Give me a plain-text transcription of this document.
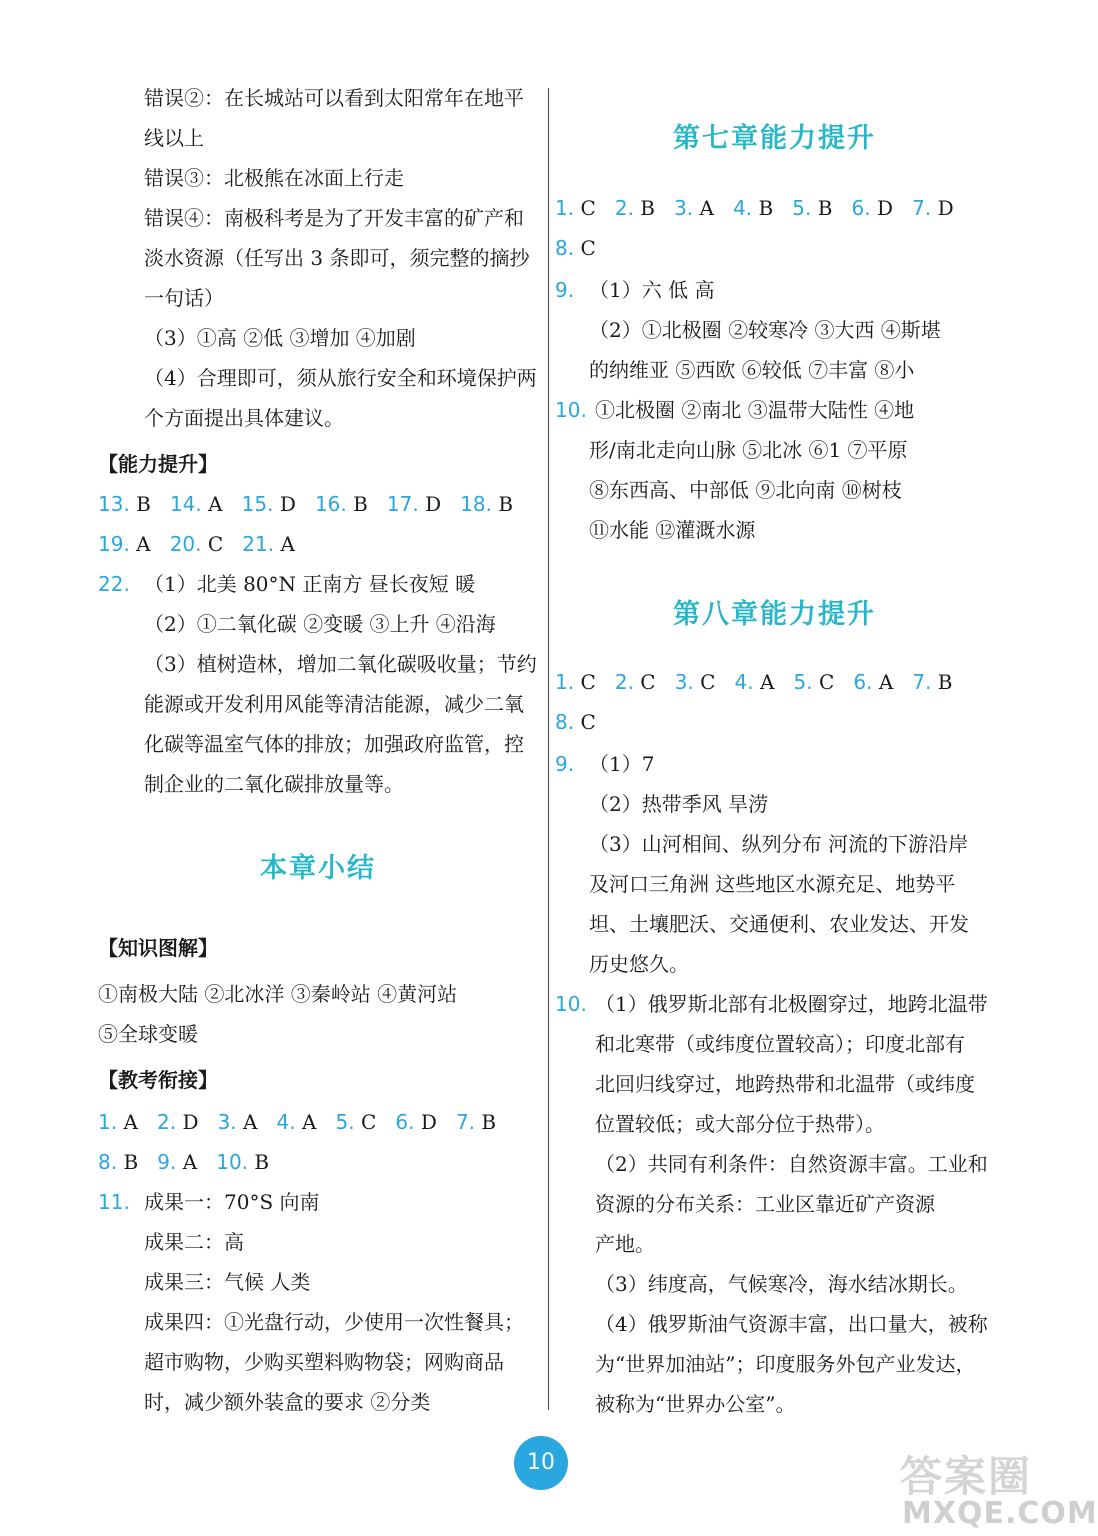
错误②：在长城站可以看到太阳常年在地平
线以上
错误③：北极熊在冰面上行走
错误④：南极科考是为了开发丰富的矿产和
淡水资源（任写出 3 条即可，须完整的摘抄
一句话）
（3）①高 ②低 ③增加 ④加剧
（4）合理即可，须从旅行安全和环境保护两
个方面提出具体建议。
【能力提升】
13. B 14. A 15. D 16. B 17. D 18. B
19. A 20. C 21. A
22. （1）北美 80°N 正南方 昼长夜短 暖
（2）①二氧化碳 ②变暖 ③上升 ④沿海
（3）植树造林，增加二氧化碳吸收量；节约
能源或开发利用风能等清洁能源，减少二氧
化碳等温室气体的排放；加强政府监管，控
制企业的二氧化碳排放量等。
本章小结
【知识图解】
①南极大陆 ②北冰洋 ③秦岭站 ④黄河站
⑤全球变暖
【教考衔接】
1. A 2. D 3. A 4. A 5. C 6. D 7. B
8. B 9. A 10. B
11. 成果一：70°S 向南
成果二：高
成果三：气候 人类
成果四：①光盘行动，少使用一次性餐具；
超市购物，少购买塑料购物袋；网购商品
时，减少额外装盒的要求 ②分类
第七章能力提升
1. C 2. B 3. A 4. B 5. B 6. D 7. D
8. C
9. （1）六 低 高
（2）①北极圈 ②较寒冷 ③大西 ④斯堪
的纳维亚 ⑤西欧 ⑥较低 ⑦丰富 ⑧小
10. ①北极圈 ②南北 ③温带大陆性 ④地
形/南北走向山脉 ⑤北冰 ⑥1 ⑦平原
⑧东西高、中部低 ⑨北向南 ⑩树枝
⑪水能 ⑫灌溉水源
第八章能力提升
1. C 2. C 3. C 4. A 5. C 6. A 7. B
8. C
9. （1）7
（2）热带季风 旱涝
（3）山河相间、纵列分布 河流的下游沿岸
及河口三角洲 这些地区水源充足、地势平
坦、土壤肥沃、交通便利、农业发达、开发
历史悠久。
10. （1）俄罗斯北部有北极圈穿过，地跨北温带
和北寒带（或纬度位置较高）；印度北部有
北回归线穿过，地跨热带和北温带（或纬度
位置较低；或大部分位于热带）。
（2）共同有利条件：自然资源丰富。工业和
资源的分布关系：工业区靠近矿产资源
产地。
（3）纬度高，气候寒冷，海水结冰期长。
（4）俄罗斯油气资源丰富，出口量大，被称
为“世界加油站”；印度服务外包产业发达，
被称为“世界办公室”。
10	答案圈
MXQE.COM
